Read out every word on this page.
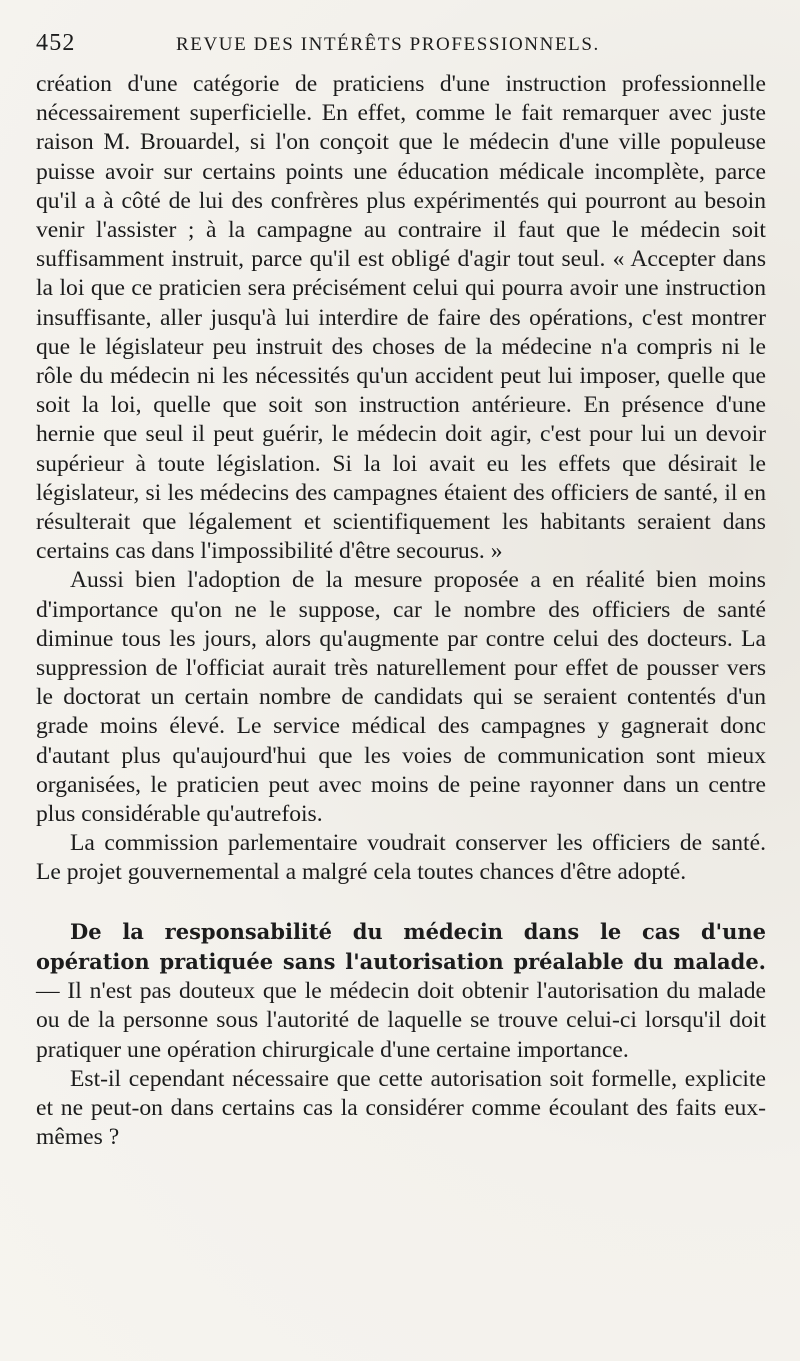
452	REVUE DES INTÉRÊTS PROFESSIONNELS.

création d'une catégorie de praticiens d'une instruction professionnelle nécessairement superficielle. En effet, comme le fait remarquer avec juste raison M. Brouardel, si l'on conçoit que le médecin d'une ville populeuse puisse avoir sur certains points une éducation médicale incomplète, parce qu'il a à côté de lui des confrères plus expérimentés qui pourront au besoin venir l'assister ; à la campagne au contraire il faut que le médecin soit suffisamment instruit, parce qu'il est obligé d'agir tout seul. « Accepter dans la loi que ce praticien sera précisément celui qui pourra avoir une instruction insuffisante, aller jusqu'à lui interdire de faire des opérations, c'est montrer que le législateur peu instruit des choses de la médecine n'a compris ni le rôle du médecin ni les nécessités qu'un accident peut lui imposer, quelle que soit la loi, quelle que soit son instruction antérieure. En présence d'une hernie que seul il peut guérir, le médecin doit agir, c'est pour lui un devoir supérieur à toute législation. Si la loi avait eu les effets que désirait le législateur, si les médecins des campagnes étaient des officiers de santé, il en résulterait que légalement et scientifiquement les habitants seraient dans certains cas dans l'impossibilité d'être secourus. »

Aussi bien l'adoption de la mesure proposée a en réalité bien moins d'importance qu'on ne le suppose, car le nombre des officiers de santé diminue tous les jours, alors qu'augmente par contre celui des docteurs. La suppression de l'officiat aurait très naturellement pour effet de pousser vers le doctorat un certain nombre de candidats qui se seraient contentés d'un grade moins élevé. Le service médical des campagnes y gagnerait donc d'autant plus qu'aujourd'hui que les voies de communication sont mieux organisées, le praticien peut avec moins de peine rayonner dans un centre plus considérable qu'autrefois.

La commission parlementaire voudrait conserver les officiers de santé. Le projet gouvernemental a malgré cela toutes chances d'être adopté.

De la responsabilité du médecin dans le cas d'une opération pratiquée sans l'autorisation préalable du malade. — Il n'est pas douteux que le médecin doit obtenir l'autorisation du malade ou de la personne sous l'autorité de laquelle se trouve celui-ci lorsqu'il doit pratiquer une opération chirurgicale d'une certaine importance.

Est-il cependant nécessaire que cette autorisation soit formelle, explicite et ne peut-on dans certains cas la considérer comme écoulant des faits eux-mêmes ?
